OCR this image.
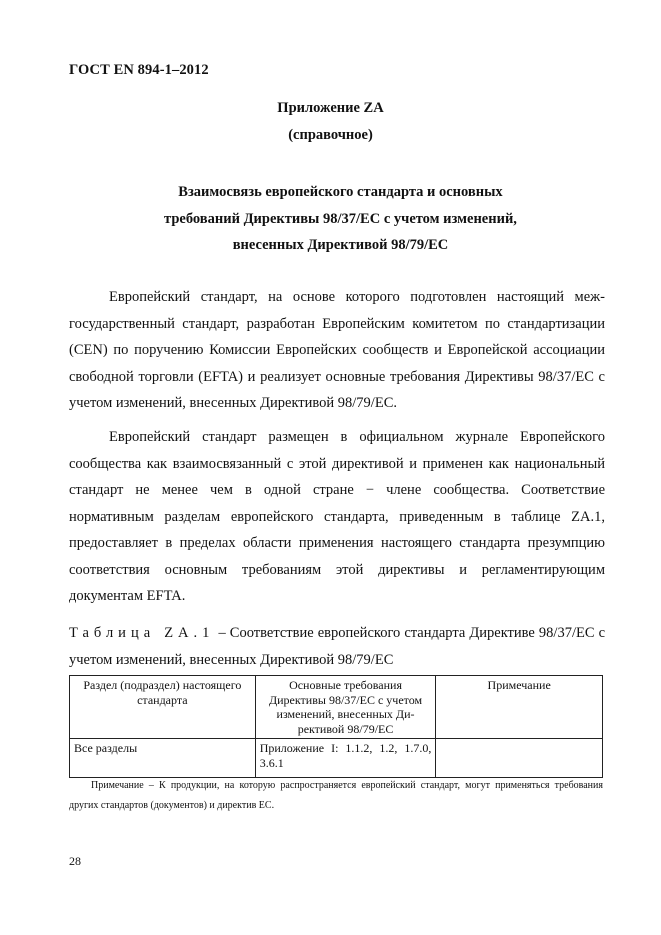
ГОСТ EN 894-1–2012
Приложение ZA
(справочное)
Взаимосвязь европейского стандарта и основных
требований Директивы 98/37/EC с учетом изменений,
внесенных Директивой 98/79/EC

Европейский стандарт, на основе которого подготовлен настоящий межгосударственный стандарт, разработан Европейским комитетом по стандартизации (CEN) по поручению Комиссии Европейских сообществ и Европейской ассоциации свободной торговли (EFTA) и реализует основные требования Директивы 98/37/EC с учетом изменений, внесенных Директивой 98/79/EC.

Европейский стандарт размещен в официальном журнале Европейского сообщества как взаимосвязанный с этой директивой и применен как национальный стандарт не менее чем в одной стране − члене сообщества. Соответствие нормативным разделам европейского стандарта, приведенным в таблице ZA.1, предоставляет в пределах области применения настоящего стандарта презумпцию соответствия основным требованиям этой директивы и регламентирующим документам EFTA.

Таблица ZA.1 – Соответствие европейского стандарта Директиве 98/37/EC с учетом изменений, внесенных Директивой 98/79/EC

Раздел (подраздел) настоящего стандарта	Основные требования Директивы 98/37/EC с учетом изменений, внесенных Директивой 98/79/EC	Примечание
Все разделы	Приложение I: 1.1.2, 1.2, 1.7.0, 3.6.1	

Примечание – К продукции, на которую распространяется европейский стандарт, могут применяться требования других стандартов (документов) и директив ЕС.

28
